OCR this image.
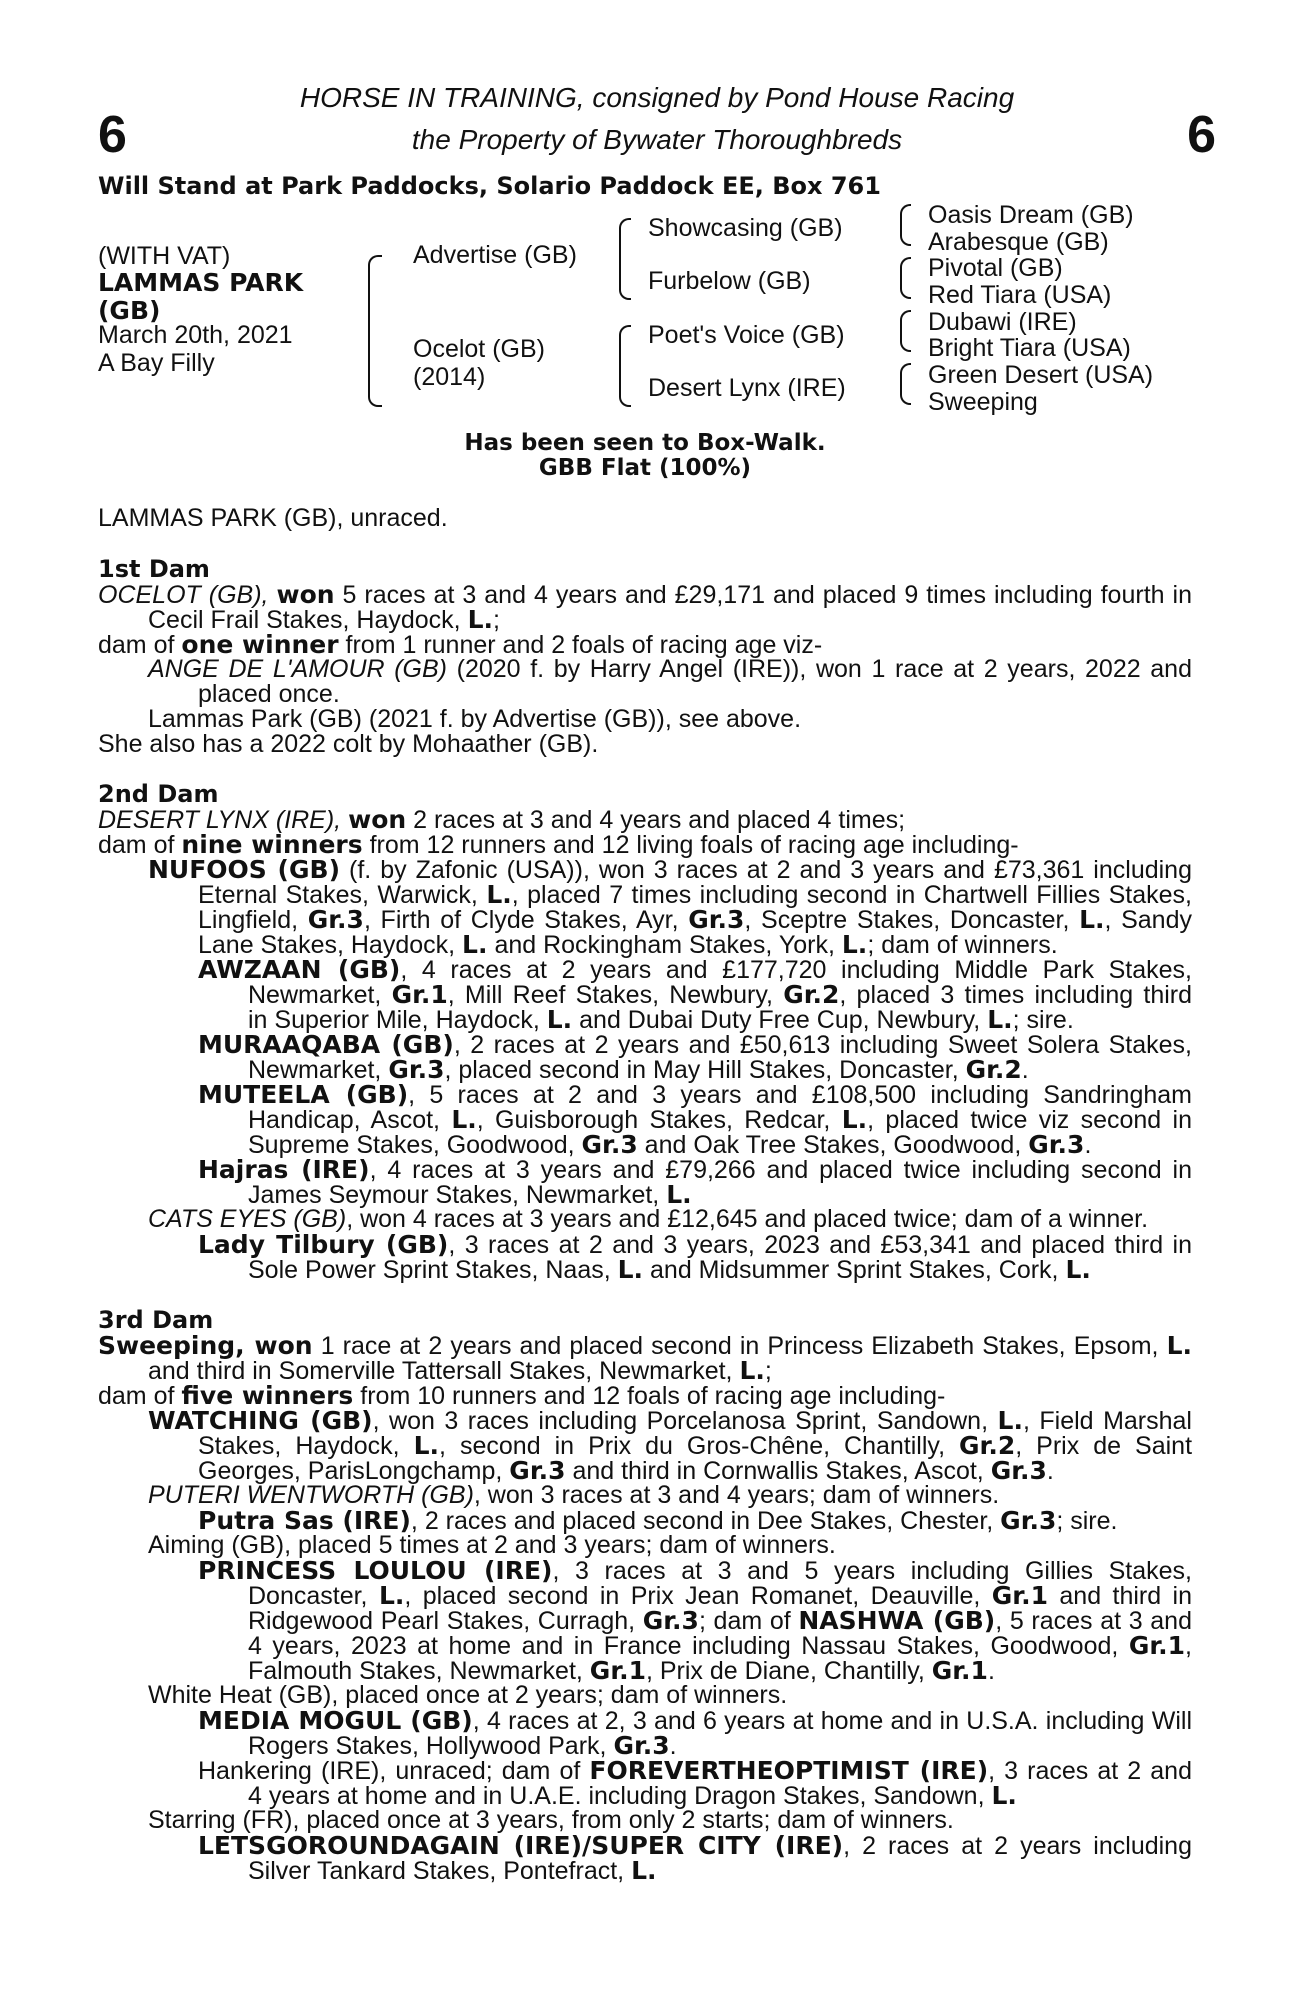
6	6
HORSE IN TRAINING, consigned by Pond House Racing
the Property of Bywater Thoroughbreds
Will Stand at Park Paddocks, Solario Paddock EE, Box 761
(WITH VAT)
LAMMAS PARK
(GB)
March 20th, 2021
A Bay Filly
Advertise (GB)
Ocelot (GB)
(2014)
Showcasing (GB)
Furbelow (GB)
Poet's Voice (GB)
Desert Lynx (IRE)
Oasis Dream (GB)
Arabesque (GB)
Pivotal (GB)
Red Tiara (USA)
Dubawi (IRE)
Bright Tiara (USA)
Green Desert (USA)
Sweeping
Has been seen to Box-Walk.
GBB Flat (100%)
LAMMAS PARK (GB), unraced.
1st Dam
OCELOT (GB), won 5 races at 3 and 4 years and £29,171 and placed 9 times including fourth in
Cecil Frail Stakes, Haydock, L.;
dam of one winner from 1 runner and 2 foals of racing age viz-
ANGE DE L'AMOUR (GB) (2020 f. by Harry Angel (IRE)), won 1 race at 2 years, 2022 and
placed once.
Lammas Park (GB) (2021 f. by Advertise (GB)), see above.
She also has a 2022 colt by Mohaather (GB).
2nd Dam
DESERT LYNX (IRE), won 2 races at 3 and 4 years and placed 4 times;
dam of nine winners from 12 runners and 12 living foals of racing age including-
NUFOOS (GB) (f. by Zafonic (USA)), won 3 races at 2 and 3 years and £73,361 including
Eternal Stakes, Warwick, L., placed 7 times including second in Chartwell Fillies Stakes,
Lingfield, Gr.3, Firth of Clyde Stakes, Ayr, Gr.3, Sceptre Stakes, Doncaster, L., Sandy
Lane Stakes, Haydock, L. and Rockingham Stakes, York, L.; dam of winners.
AWZAAN (GB), 4 races at 2 years and £177,720 including Middle Park Stakes,
Newmarket, Gr.1, Mill Reef Stakes, Newbury, Gr.2, placed 3 times including third
in Superior Mile, Haydock, L. and Dubai Duty Free Cup, Newbury, L.; sire.
MURAAQABA (GB), 2 races at 2 years and £50,613 including Sweet Solera Stakes,
Newmarket, Gr.3, placed second in May Hill Stakes, Doncaster, Gr.2.
MUTEELA (GB), 5 races at 2 and 3 years and £108,500 including Sandringham
Handicap, Ascot, L., Guisborough Stakes, Redcar, L., placed twice viz second in
Supreme Stakes, Goodwood, Gr.3 and Oak Tree Stakes, Goodwood, Gr.3.
Hajras (IRE), 4 races at 3 years and £79,266 and placed twice including second in
James Seymour Stakes, Newmarket, L.
CATS EYES (GB), won 4 races at 3 years and £12,645 and placed twice; dam of a winner.
Lady Tilbury (GB), 3 races at 2 and 3 years, 2023 and £53,341 and placed third in
Sole Power Sprint Stakes, Naas, L. and Midsummer Sprint Stakes, Cork, L.
3rd Dam
Sweeping, won 1 race at 2 years and placed second in Princess Elizabeth Stakes, Epsom, L.
and third in Somerville Tattersall Stakes, Newmarket, L.;
dam of five winners from 10 runners and 12 foals of racing age including-
WATCHING (GB), won 3 races including Porcelanosa Sprint, Sandown, L., Field Marshal
Stakes, Haydock, L., second in Prix du Gros-Chêne, Chantilly, Gr.2, Prix de Saint
Georges, ParisLongchamp, Gr.3 and third in Cornwallis Stakes, Ascot, Gr.3.
PUTERI WENTWORTH (GB), won 3 races at 3 and 4 years; dam of winners.
Putra Sas (IRE), 2 races and placed second in Dee Stakes, Chester, Gr.3; sire.
Aiming (GB), placed 5 times at 2 and 3 years; dam of winners.
PRINCESS LOULOU (IRE), 3 races at 3 and 5 years including Gillies Stakes,
Doncaster, L., placed second in Prix Jean Romanet, Deauville, Gr.1 and third in
Ridgewood Pearl Stakes, Curragh, Gr.3; dam of NASHWA (GB), 5 races at 3 and
4 years, 2023 at home and in France including Nassau Stakes, Goodwood, Gr.1,
Falmouth Stakes, Newmarket, Gr.1, Prix de Diane, Chantilly, Gr.1.
White Heat (GB), placed once at 2 years; dam of winners.
MEDIA MOGUL (GB), 4 races at 2, 3 and 6 years at home and in U.S.A. including Will
Rogers Stakes, Hollywood Park, Gr.3.
Hankering (IRE), unraced; dam of FOREVERTHEOPTIMIST (IRE), 3 races at 2 and
4 years at home and in U.A.E. including Dragon Stakes, Sandown, L.
Starring (FR), placed once at 3 years, from only 2 starts; dam of winners.
LETSGOROUNDAGAIN (IRE)/SUPER CITY (IRE), 2 races at 2 years including
Silver Tankard Stakes, Pontefract, L.
